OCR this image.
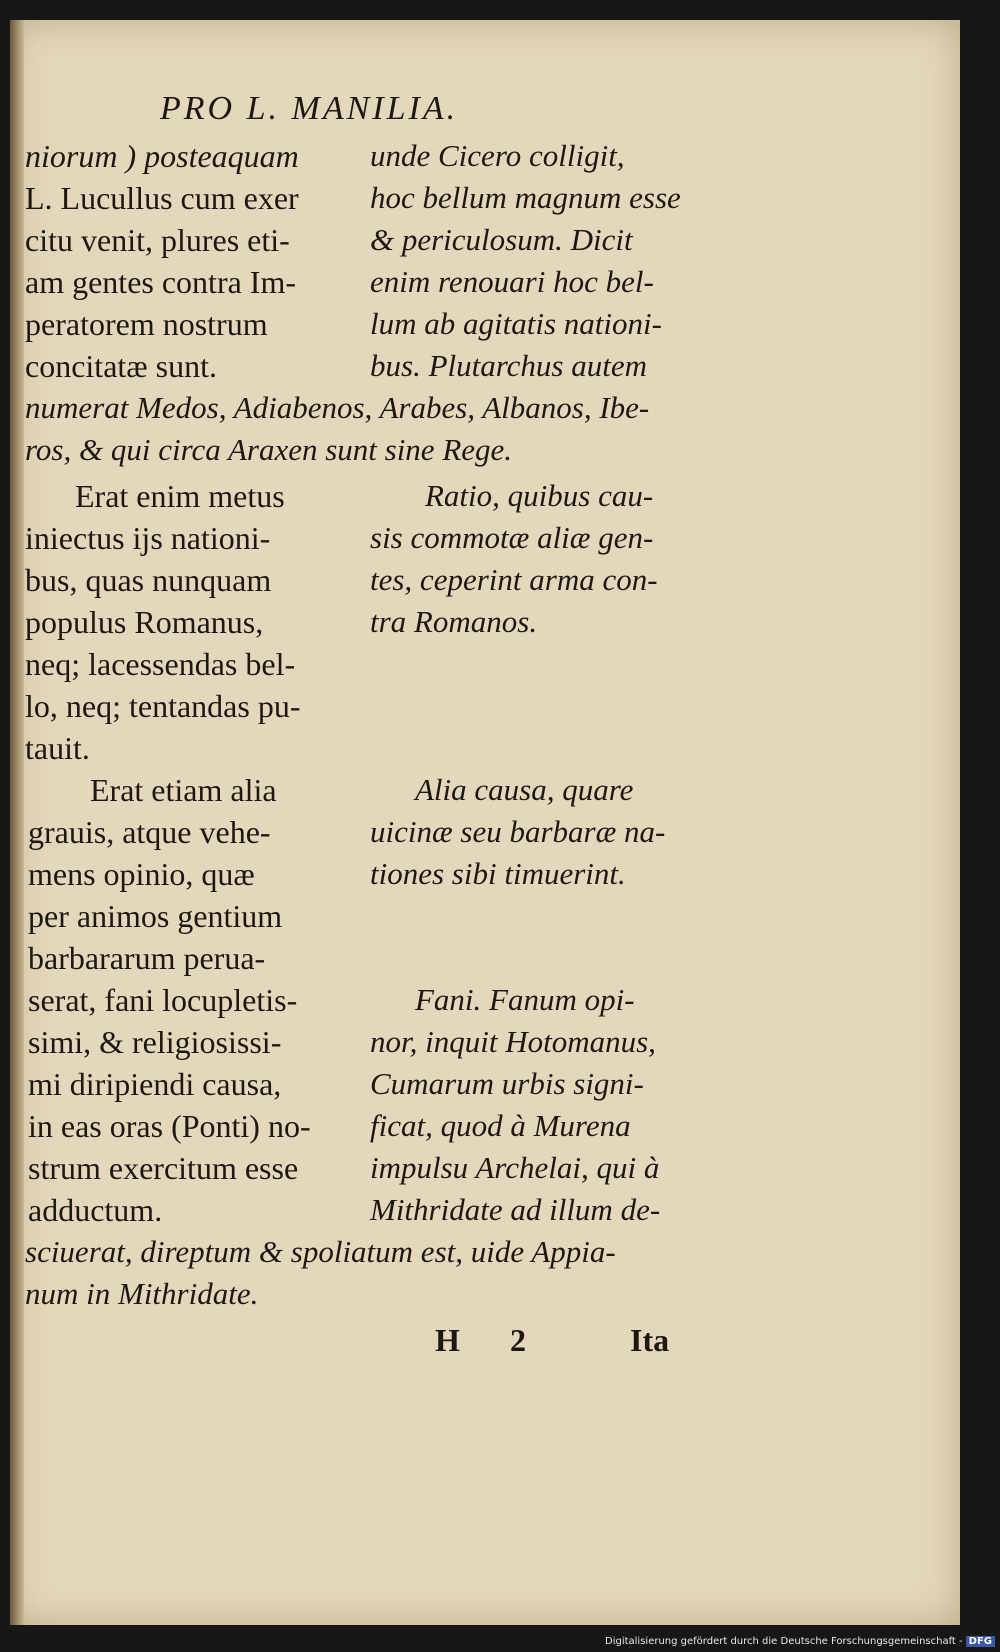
PRO L. MANILIA.
niorum ) posteaquam unde Cicero colligit,
L. Lucullus cum exer hoc bellum magnum esse
citu venit, plures eti-	& periculosum. Dicit
am gentes contra Im- enim renouari hoc bel-
peratorem nostrum	lum ab agitatis nationi-
concitatæ sunt.	bus. Plutarchus autem
numerat Medos, Adiabenos, Arabes, Albanos, Ibe-
ros, & qui circa Araxen sunt sine Rege.
Erat enim metus	Ratio, quibus cau-
iniectus ijs nationi-	sis commotæ aliæ gen-
bus, quas nunquam	tes, ceperint arma con-
populus Romanus,	tra Romanos.
neq; lacessendas bel-
lo, neq; tentandas pu-
tauit.
Erat etiam alia	Alia causa, quare
grauis, atque vehe-	uicinæ seu barbaræ na-
mens opinio, quæ	tiones sibi timuerint.
per animos gentium
barbararum perua-
serat, fani locupletis-	Fani. Fanum opi-
simi, & religiosissi-	nor, inquit Hotomanus,
mi diripiendi causa,	Cumarum urbis signi-
in eas oras (Ponti) no- ficat, quod à Murena
strum exercitum esse impulsu Archelai, qui à
adductum.	Mithridate ad illum de-
sciuerat, direptum & spoliatum est, uide Appia-
num in Mithridate.
H 2	Ita
Digitalisierung gefördert durch die Deutsche Forschungsgemeinschaft - DFG
